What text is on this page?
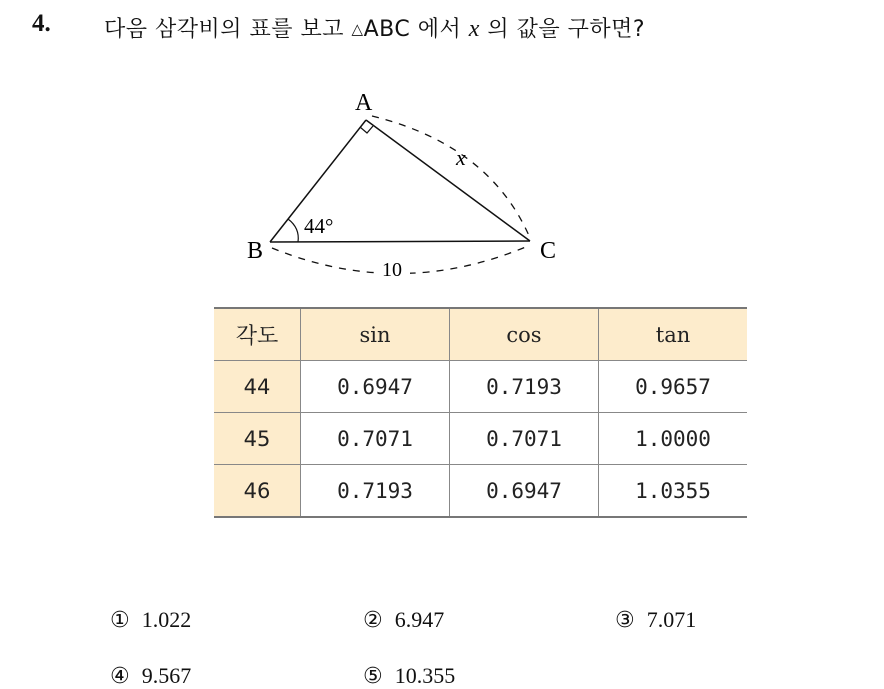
4. 다음 삼각비의 표를 보고 △ABC 에서 x 의 값을 구하면?
A
B	C
44°
x
10
각도	sin	cos	tan
44	0.6947	0.7193	0.9657
45	0.7071	0.7071	1.0000
46	0.7193	0.6947	1.0355
① 1.022	② 6.947	③ 7.071
④ 9.567	⑤ 10.355
